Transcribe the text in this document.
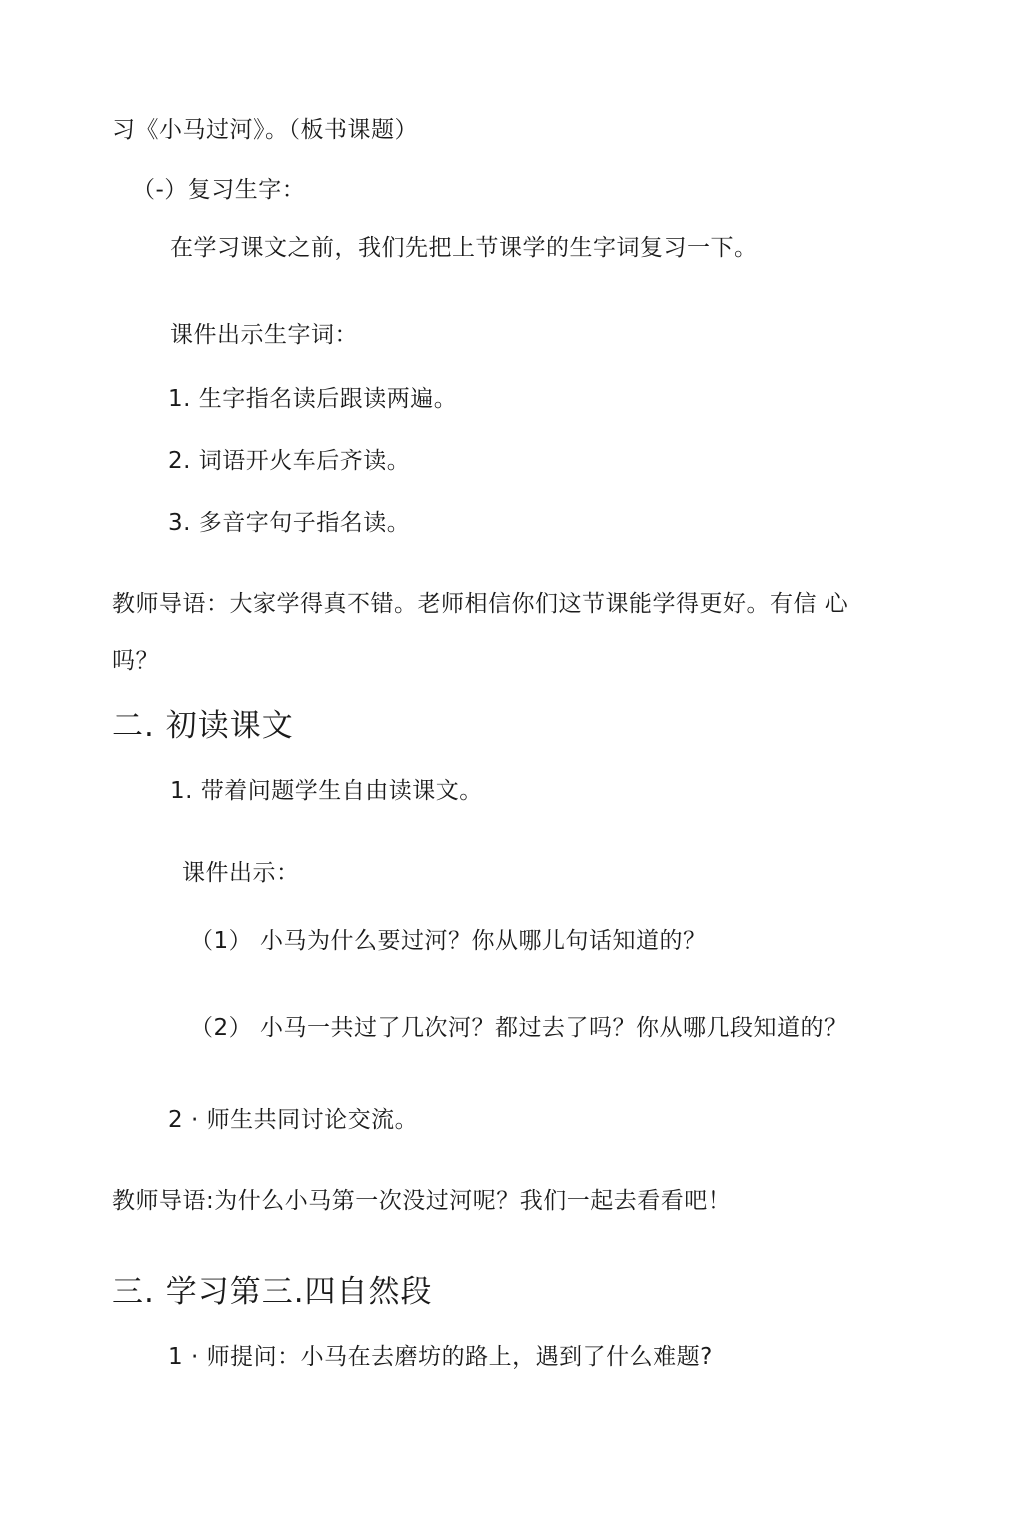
习《小马过河》。（板书课题）
（-）复习生字：
在学习课文之前，我们先把上节课学的生字词复习一下。
课件出示生字词：
1. 生字指名读后跟读两遍。
2. 词语开火车后齐读。
3. 多音字句子指名读。
教师导语：大家学得真不错。老师相信你们这节课能学得更好。有信 心
吗？
二. 初读课文
1. 带着问题学生自由读课文。
课件出示：
（1） 小马为什么要过河？你从哪儿句话知道的？
（2） 小马一共过了几次河？都过去了吗？你从哪几段知道的？
2 · 师生共同讨论交流。
教师导语:为什么小马第一次没过河呢？我们一起去看看吧！
三. 学习第三.四自然段
1 · 师提问：小马在去磨坊的路上，遇到了什么难题?
